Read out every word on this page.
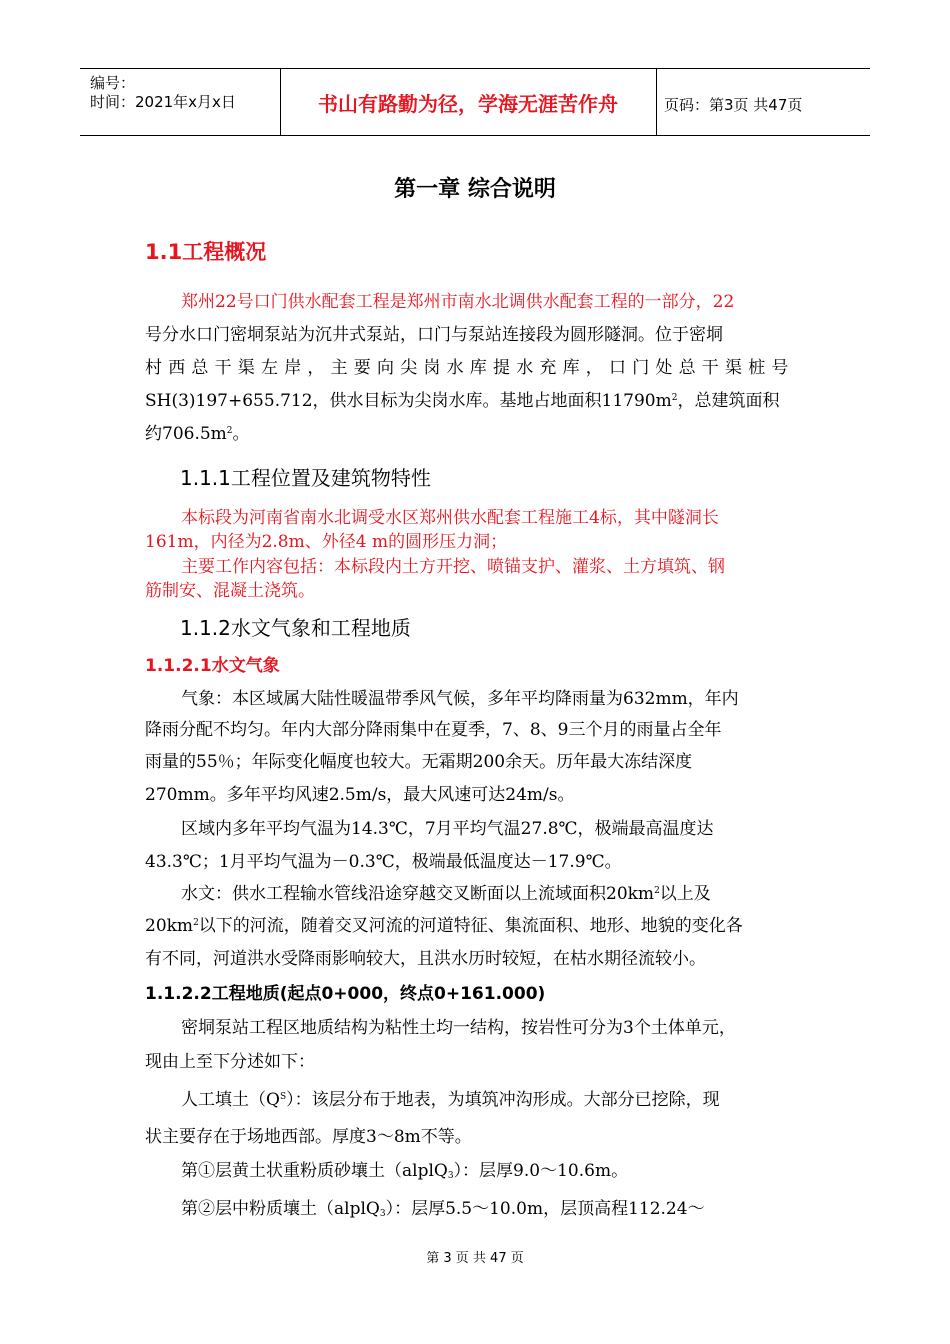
编号：
时间：2021年x月x日	书山有路勤为径，学海无涯苦作舟	页码：第3页 共47页
第一章 综合说明
1.1工程概况
郑州22号口门供水配套工程是郑州市南水北调供水配套工程的一部分，22
号分水口门密垌泵站为沉井式泵站，口门与泵站连接段为圆形隧洞。位于密垌
村西总干渠左岸，主要向尖岗水库提水充库，口门处总干渠桩号
SH(3)197+655.712，供水目标为尖岗水库。基地占地面积$11790m^2$，总建筑面积
约$706.5m^2$。
1.1.1工程位置及建筑物特性
本标段为河南省南水北调受水区郑州供水配套工程施工4标，其中隧洞长
161m，内径为2.8m、外径4 m的圆形压力洞；
主要工作内容包括：本标段内土方开挖、喷锚支护、灌浆、土方填筑、钢
筋制安、混凝土浇筑。
1.1.2水文气象和工程地质
1.1.2.1水文气象
气象：本区域属大陆性暖温带季风气候，多年平均降雨量为632mm，年内
降雨分配不均匀。年内大部分降雨集中在夏季，7、8、9三个月的雨量占全年
雨量的55％；年际变化幅度也较大。无霜期200余天。历年最大冻结深度
270mm。多年平均风速2.5m/s，最大风速可达24m/s。
区域内多年平均气温为14.3℃，7月平均气温27.8℃，极端最高温度达
43.3℃；1月平均气温为－0.3℃，极端最低温度达－17.9℃。
水文：供水工程输水管线沿途穿越交叉断面以上流域面积$20km^2$以上及
$20km^2$以下的河流，随着交叉河流的河道特征、集流面积、地形、地貌的变化各
有不同，河道洪水受降雨影响较大，且洪水历时较短，在枯水期径流较小。
1.1.2.2工程地质(起点0+000，终点0+161.000)
密垌泵站工程区地质结构为粘性土均一结构，按岩性可分为3个土体单元，
现由上至下分述如下：
人工填土$(Q^S)$：该层分布于地表，为填筑冲沟形成。大部分已挖除，现
状主要存在于场地西部。厚度3～8m不等。
第①层黄土状重粉质砂壤土（alplQ$_3$）：层厚9.0～10.6m。
第②层中粉质壤土（alplQ$_3$）：层厚5.5～10.0m，层顶高程112.24～
第 3 页 共 47 页
